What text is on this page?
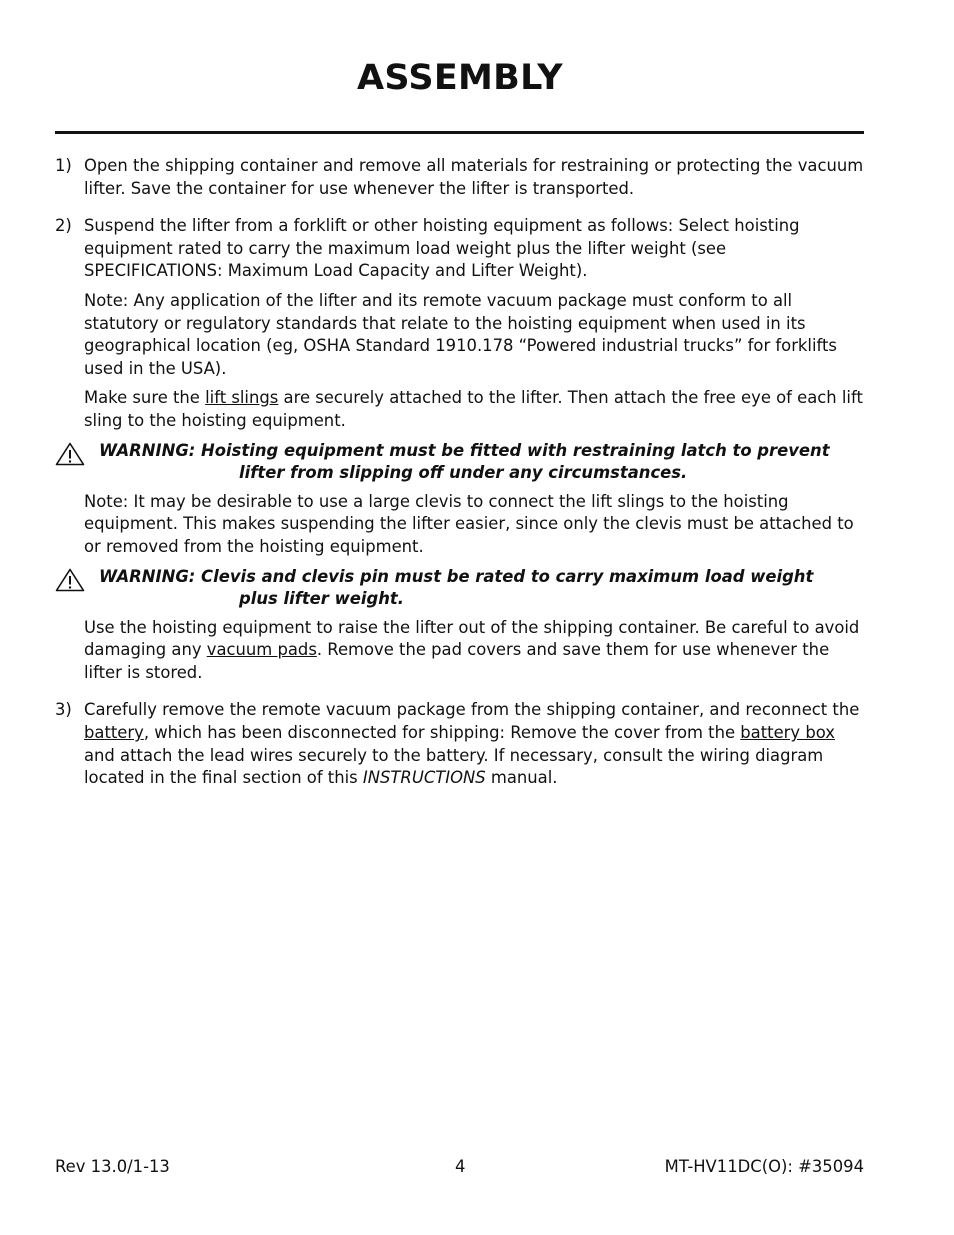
ASSEMBLY
1) Open the shipping container and remove all materials for restraining or protecting the vacuum lifter. Save the container for use whenever the lifter is transported.

2) Suspend the lifter from a forklift or other hoisting equipment as follows: Select hoisting equipment rated to carry the maximum load weight plus the lifter weight (see SPECIFICATIONS: Maximum Load Capacity and Lifter Weight).

Note: Any application of the lifter and its remote vacuum package must conform to all statutory or regulatory standards that relate to the hoisting equipment when used in its geographical location (eg, OSHA Standard 1910.178 “Powered industrial trucks” for forklifts used in the USA).

Make sure the lift slings are securely attached to the lifter. Then attach the free eye of each lift sling to the hoisting equipment.

WARNING: Hoisting equipment must be fitted with restraining latch to prevent
lifter from slipping off under any circumstances.

Note: It may be desirable to use a large clevis to connect the lift slings to the hoisting equipment. This makes suspending the lifter easier, since only the clevis must be attached to or removed from the hoisting equipment.

WARNING: Clevis and clevis pin must be rated to carry maximum load weight
plus lifter weight.

Use the hoisting equipment to raise the lifter out of the shipping container. Be careful to avoid damaging any vacuum pads. Remove the pad covers and save them for use whenever the lifter is stored.

3) Carefully remove the remote vacuum package from the shipping container, and reconnect the battery, which has been disconnected for shipping: Remove the cover from the battery box and attach the lead wires securely to the battery. If necessary, consult the wiring diagram located in the final section of this INSTRUCTIONS manual.

Rev 13.0/1-13	4	MT-HV11DC(O): #35094
